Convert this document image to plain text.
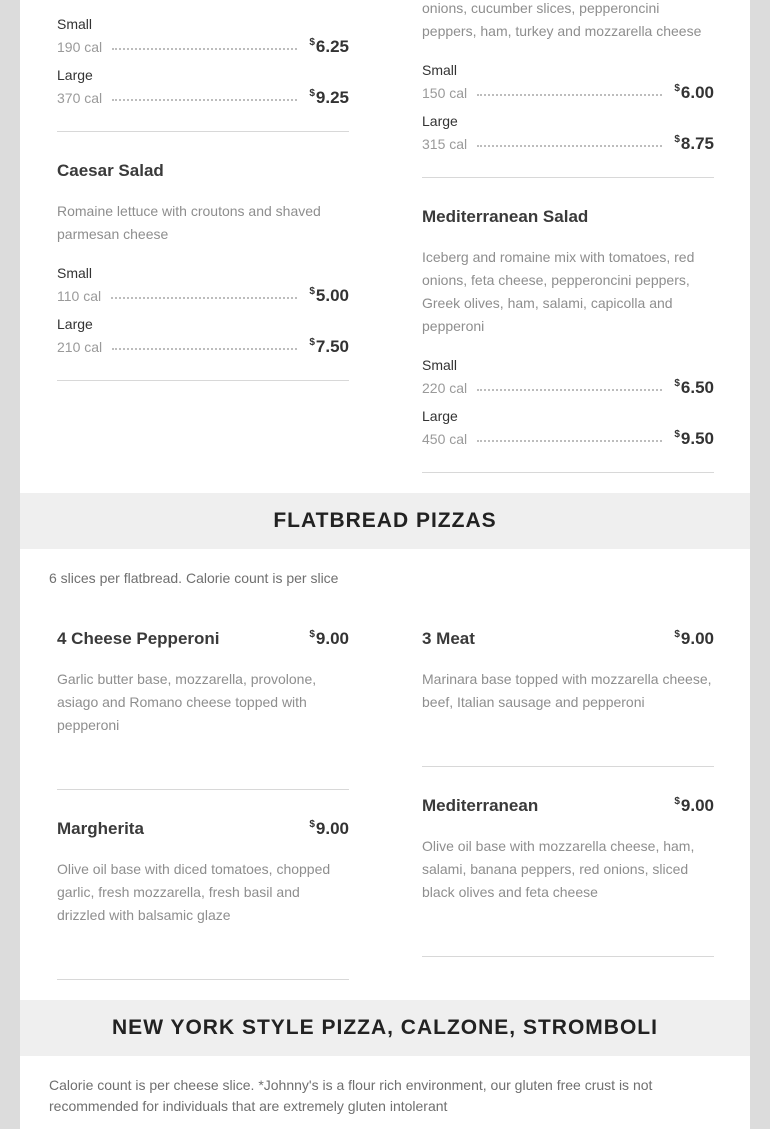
Small
190 cal	$6.25
Large
370 cal	$9.25
Caesar Salad
Romaine lettuce with croutons and shaved parmesan cheese
Small
110 cal	$5.00
Large
210 cal	$7.50
onions, cucumber slices, pepperoncini peppers, ham, turkey and mozzarella cheese
Small
150 cal	$6.00
Large
315 cal	$8.75
Mediterranean Salad
Iceberg and romaine mix with tomatoes, red onions, feta cheese, pepperoncini peppers, Greek olives, ham, salami, capicolla and pepperoni
Small
220 cal	$6.50
Large
450 cal	$9.50
FLATBREAD PIZZAS
6 slices per flatbread. Calorie count is per slice
4 Cheese Pepperoni	$9.00
Garlic butter base, mozzarella, provolone, asiago and Romano cheese topped with pepperoni
Margherita	$9.00
Olive oil base with diced tomatoes, chopped garlic, fresh mozzarella, fresh basil and drizzled with balsamic glaze
3 Meat	$9.00
Marinara base topped with mozzarella cheese, beef, Italian sausage and pepperoni
Mediterranean	$9.00
Olive oil base with mozzarella cheese, ham, salami, banana peppers, red onions, sliced black olives and feta cheese
NEW YORK STYLE PIZZA, CALZONE, STROMBOLI
Calorie count is per cheese slice. *Johnny's is a flour rich environment, our gluten free crust is not recommended for individuals that are extremely gluten intolerant
